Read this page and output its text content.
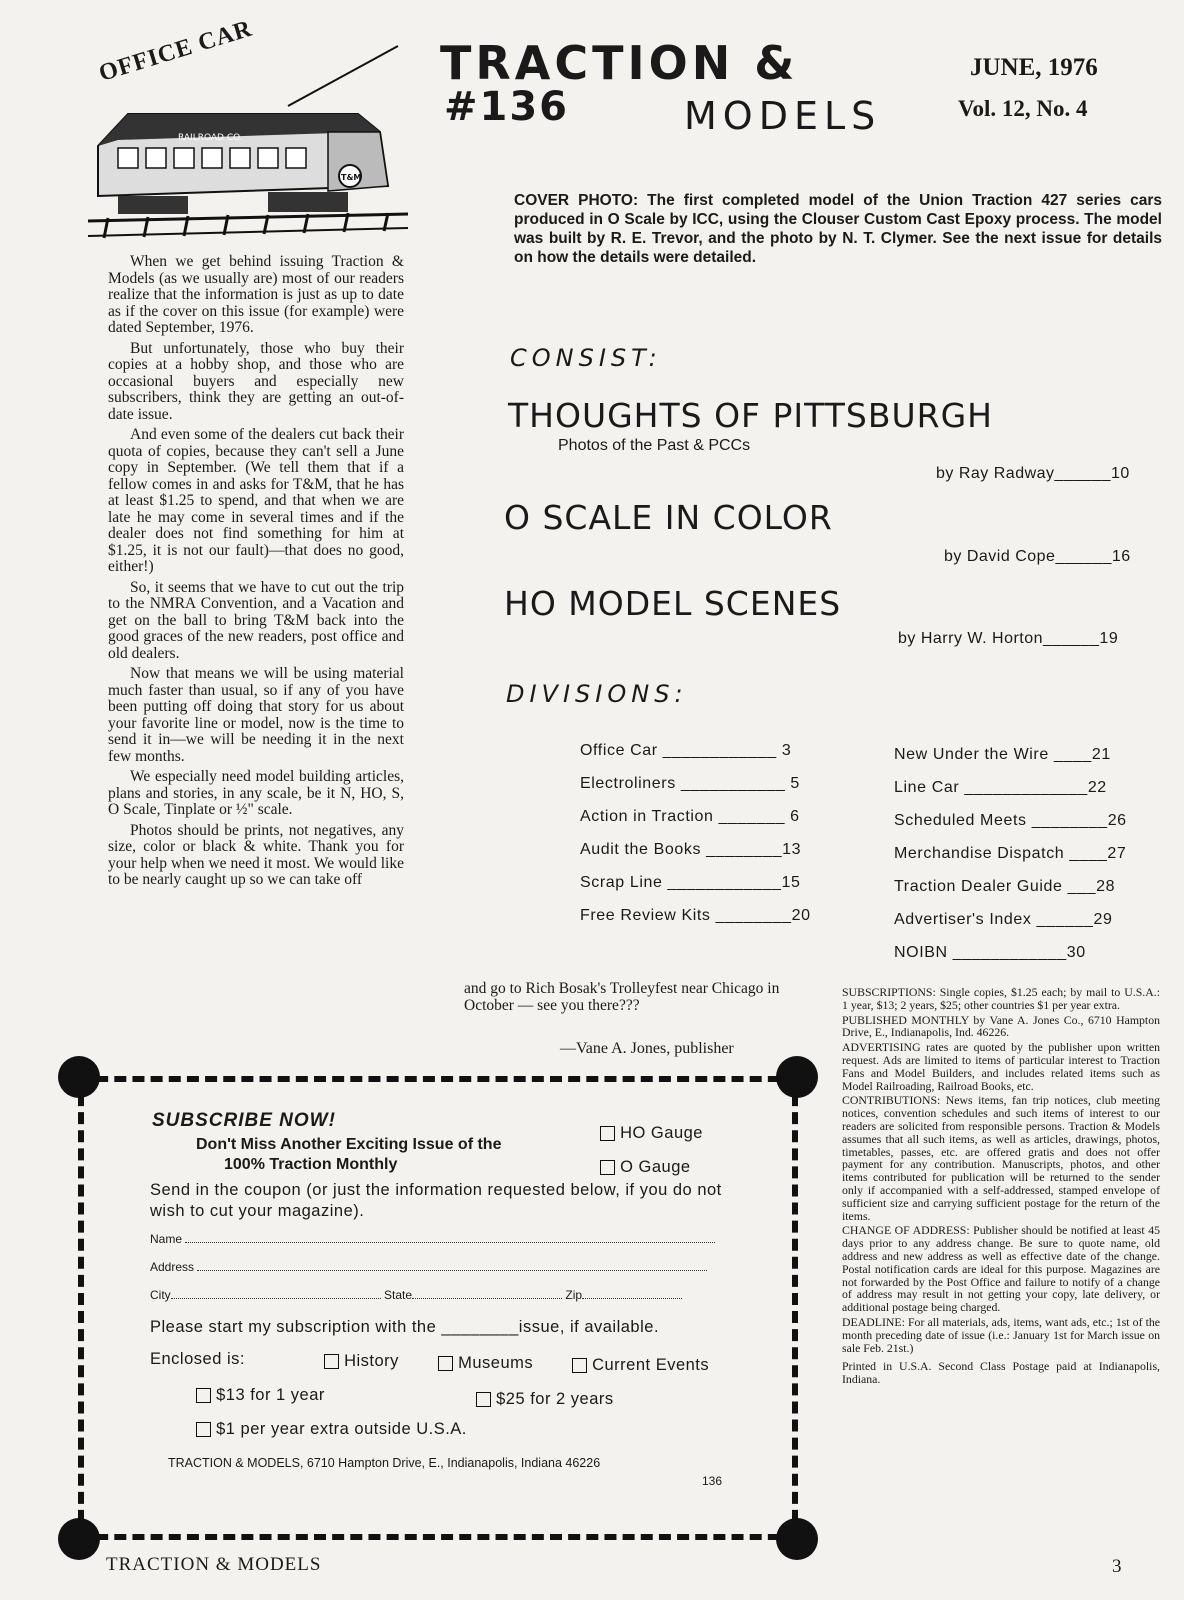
TRACTION &
#136	MODELS
JUNE, 1976
Vol. 12, No. 4
OFFICE CAR
RAILROAD CO.
T&M

When we get behind issuing Traction & Models (as we usually are) most of our readers realize that the information is just as up to date as if the cover on this issue (for example) were dated September, 1976.

But unfortunately, those who buy their copies at a hobby shop, and those who are occasional buyers and especially new subscribers, think they are getting an out-of-date issue.

And even some of the dealers cut back their quota of copies, because they can't sell a June copy in September. (We tell them that if a fellow comes in and asks for T&M, that he has at least $1.25 to spend, and that when we are late he may come in several times and if the dealer does not find something for him at $1.25, it is not our fault)—that does no good, either!)

So, it seems that we have to cut out the trip to the NMRA Convention, and a Vacation and get on the ball to bring T&M back into the good graces of the new readers, post office and old dealers.

Now that means we will be using material much faster than usual, so if any of you have been putting off doing that story for us about your favorite line or model, now is the time to send it in—we will be needing it in the next few months.

We especially need model building articles, plans and stories, in any scale, be it N, HO, S, O Scale, Tinplate or ½" scale.

Photos should be prints, not negatives, any size, color or black & white. Thank you for your help when we need it most. We would like to be nearly caught up so we can take off

COVER PHOTO: The first completed model of the Union Traction 427 series cars produced in O Scale by ICC, using the Clouser Custom Cast Epoxy process. The model was built by R. E. Trevor, and the photo by N. T. Clymer. See the next issue for details on how the details were detailed.
CONSIST:
THOUGHTS OF PITTSBURGH
Photos of the Past & PCCs
by Ray Radway______10
O SCALE IN COLOR
by David Cope______16
HO MODEL SCENES
by Harry W. Horton______19
DIVISIONS:
Office Car ____________ 3
Electroliners ___________ 5
Action in Traction _______ 6
Audit the Books ________13
Scrap Line ____________15
Free Review Kits ________20
New Under the Wire ____21
Line Car _____________22
Scheduled Meets ________26
Merchandise Dispatch ____27
Traction Dealer Guide ___28
Advertiser's Index ______29
NOIBN ____________30
and go to Rich Bosak's Trolleyfest near Chicago in October — see you there???
—Vane A. Jones, publisher

SUBSCRIPTIONS: Single copies, $1.25 each; by mail to U.S.A.: 1 year, $13; 2 years, $25; other countries $1 per year extra.

PUBLISHED MONTHLY by Vane A. Jones Co., 6710 Hampton Drive, E., Indianapolis, Ind. 46226.

ADVERTISING rates are quoted by the publisher upon written request. Ads are limited to items of particular interest to Traction Fans and Model Builders, and includes related items such as Model Railroading, Railroad Books, etc.

CONTRIBUTIONS: News items, fan trip notices, club meeting notices, convention schedules and such items of interest to our readers are solicited from responsible persons. Traction & Models assumes that all such items, as well as articles, drawings, photos, timetables, passes, etc. are offered gratis and does not offer payment for any contribution. Manuscripts, photos, and other items contributed for publication will be returned to the sender only if accompanied with a self-addressed, stamped envelope of sufficient size and carrying sufficient postage for the return of the items.

CHANGE OF ADDRESS: Publisher should be notified at least 45 days prior to any address change. Be sure to quote name, old address and new address as well as effective date of the change. Postal notification cards are ideal for this purpose. Magazines are not forwarded by the Post Office and failure to notify of a change of address may result in not getting your copy, late delivery, or additional postage being charged.

DEADLINE: For all materials, ads, items, want ads, etc.; 1st of the month preceding date of issue (i.e.: January 1st for March issue on sale Feb. 21st.)

Printed in U.S.A. Second Class Postage paid at Indianapolis, Indiana.

SUBSCRIBE NOW!
Don't Miss Another Exciting Issue of the
100% Traction Monthly
HO Gauge
O Gauge
Send in the coupon (or just the information requested below, if you do not wish to cut your magazine).
Name
Address
City	State	Zip
Please start my subscription with the ________issue, if available.
Enclosed is:	History	Museums	Current Events
$13 for 1 year	$25 for 2 years
$1 per year extra outside U.S.A.
TRACTION & MODELS, 6710 Hampton Drive, E., Indianapolis, Indiana 46226
136
TRACTION & MODELS	3
